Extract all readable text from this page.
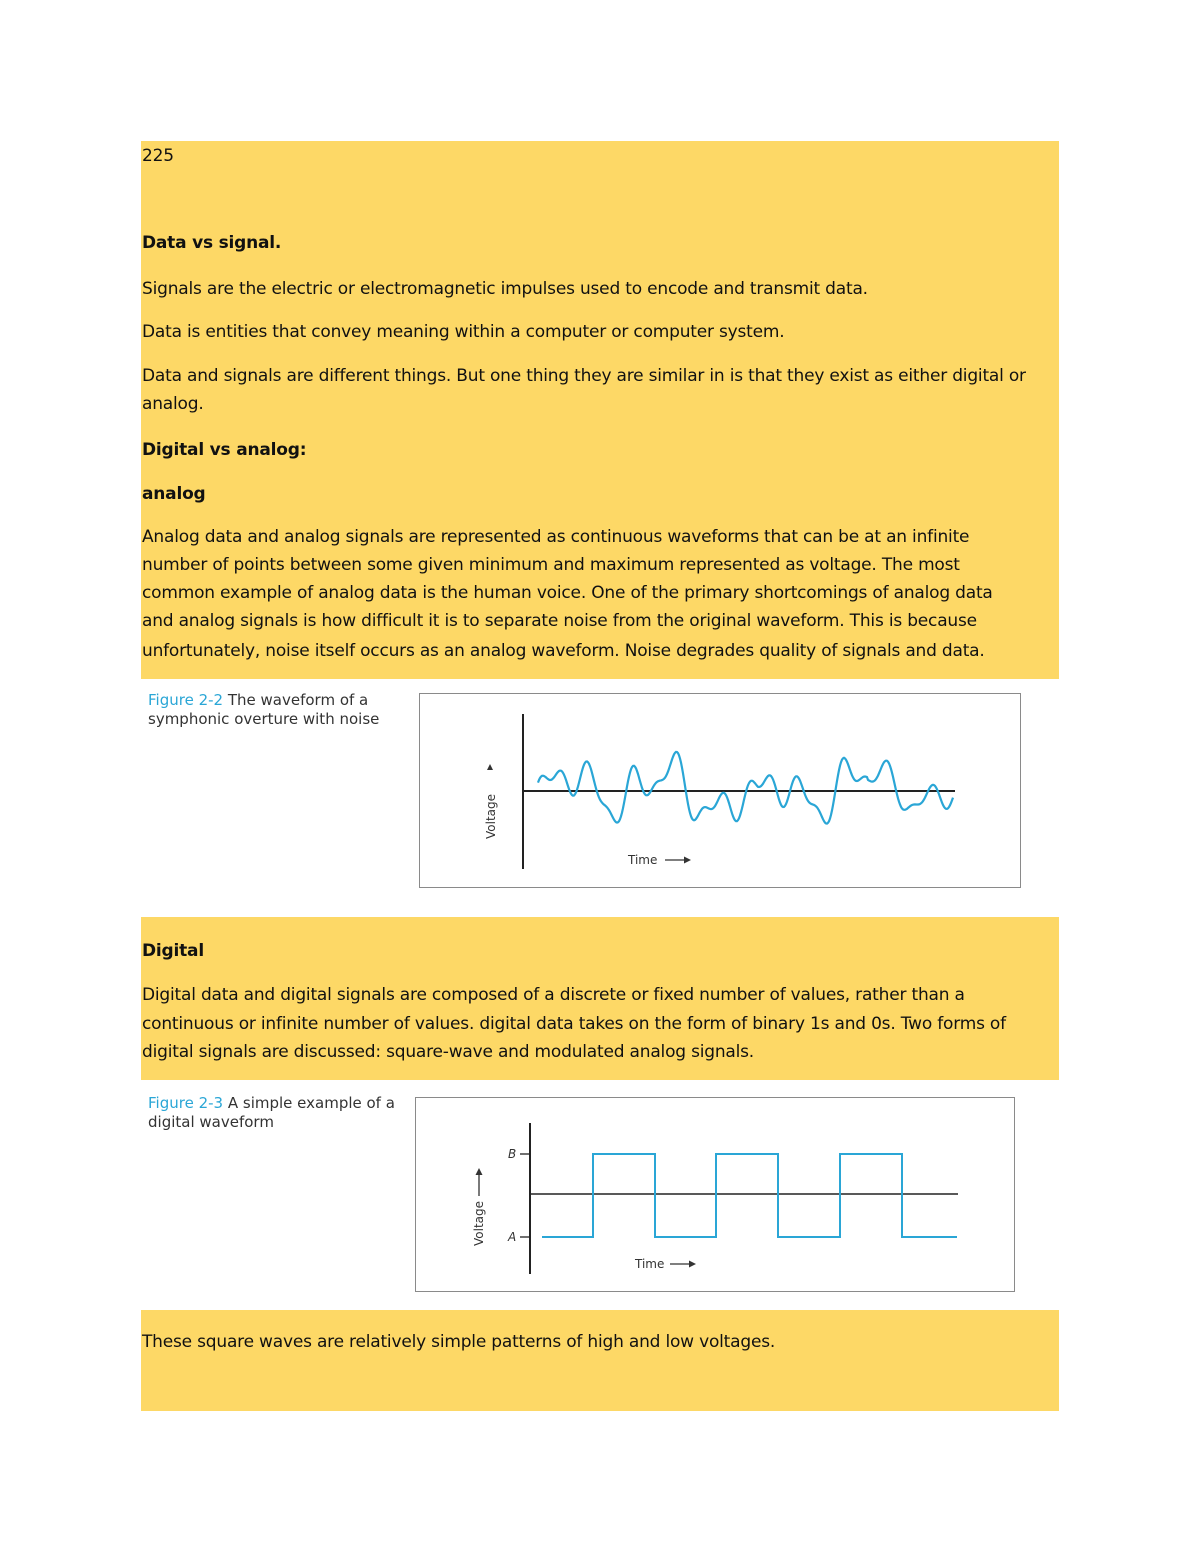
225
Data vs signal.
Signals are the electric or electromagnetic impulses used to encode and transmit data.
Data is entities that convey meaning within a computer or computer system.
Data and signals are different things. But one thing they are similar in is that they exist as either digital or
analog.
Digital vs analog:
analog
Analog data and analog signals are represented as continuous waveforms that can be at an infinite
number of points between some given minimum and maximum represented as voltage. The most
common example of analog data is the human voice. One of the primary shortcomings of analog data
and analog signals is how difficult it is to separate noise from the original waveform. This is because
unfortunately, noise itself occurs as an analog waveform. Noise degrades quality of signals and data.
Figure 2-2 The waveform of a
symphonic overture with noise
Voltage
Time
Digital
Digital data and digital signals are composed of a discrete or fixed number of values, rather than a
continuous or infinite number of values. digital data takes on the form of binary 1s and 0s. Two forms of
digital signals are discussed: square-wave and modulated analog signals.
Figure 2-3 A simple example of a
digital waveform
B
A
Voltage
Time
These square waves are relatively simple patterns of high and low voltages.
